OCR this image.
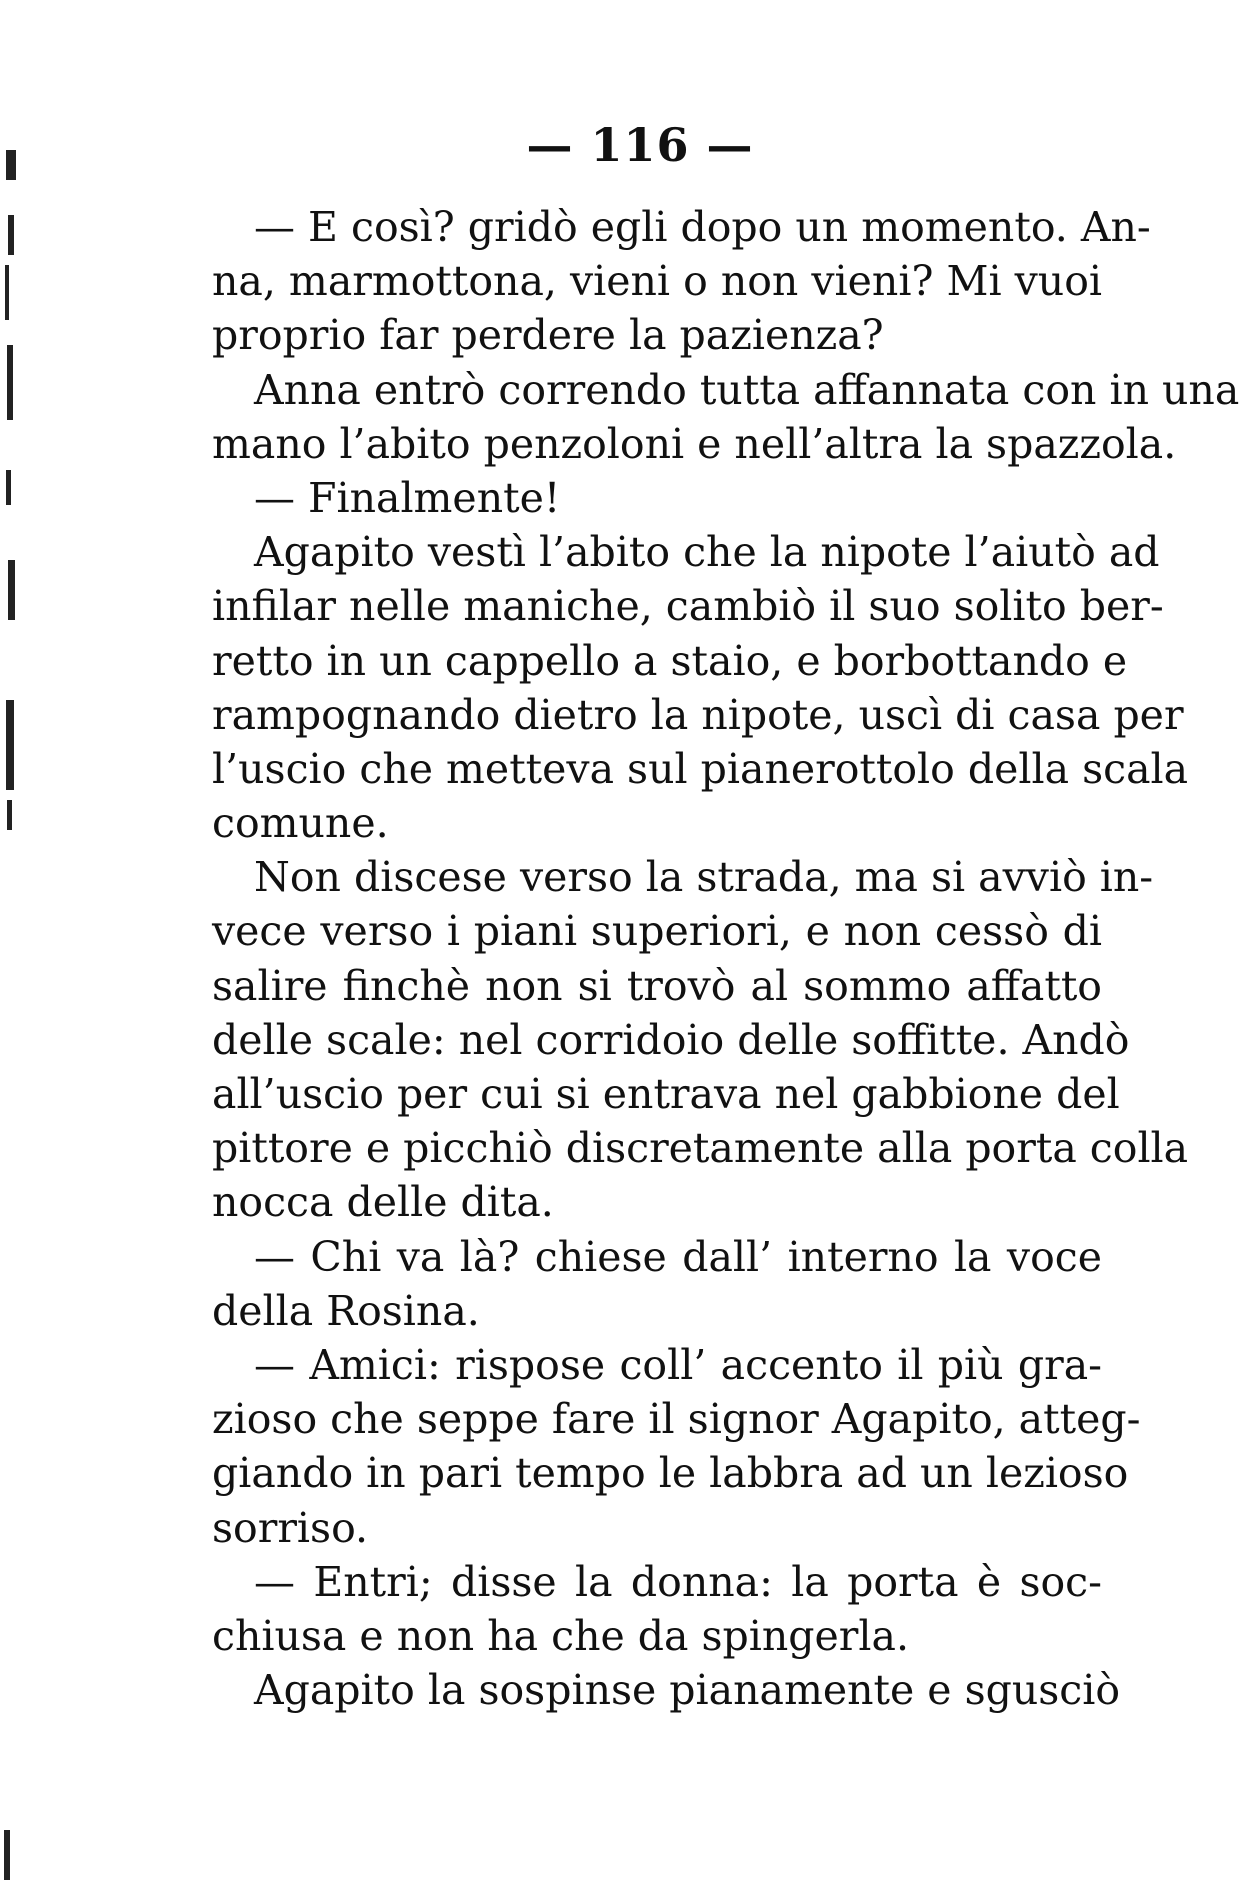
— 116 —
— E così? gridò egli dopo un momento. An-
na, marmottona, vieni o non vieni? Mi vuoi
proprio far perdere la pazienza?
Anna entrò correndo tutta affannata con in una
mano l’abito penzoloni e nell’altra la spazzola.
— Finalmente!
Agapito vestì l’abito che la nipote l’aiutò ad
infilar nelle maniche, cambiò il suo solito ber-
retto in un cappello a staio, e borbottando e
rampognando dietro la nipote, uscì di casa per
l’uscio che metteva sul pianerottolo della scala
comune.
Non discese verso la strada, ma si avviò in-
vece verso i piani superiori, e non cessò di
salire finchè non si trovò al sommo affatto
delle scale: nel corridoio delle soffitte. Andò
all’uscio per cui si entrava nel gabbione del
pittore e picchiò discretamente alla porta colla
nocca delle dita.
— Chi va là? chiese dall’ interno la voce
della Rosina.
— Amici: rispose coll’ accento il più gra-
zioso che seppe fare il signor Agapito, atteg-
giando in pari tempo le labbra ad un lezioso
sorriso.
— Entri; disse la donna: la porta è soc-
chiusa e non ha che da spingerla.
Agapito la sospinse pianamente e sgusciò
